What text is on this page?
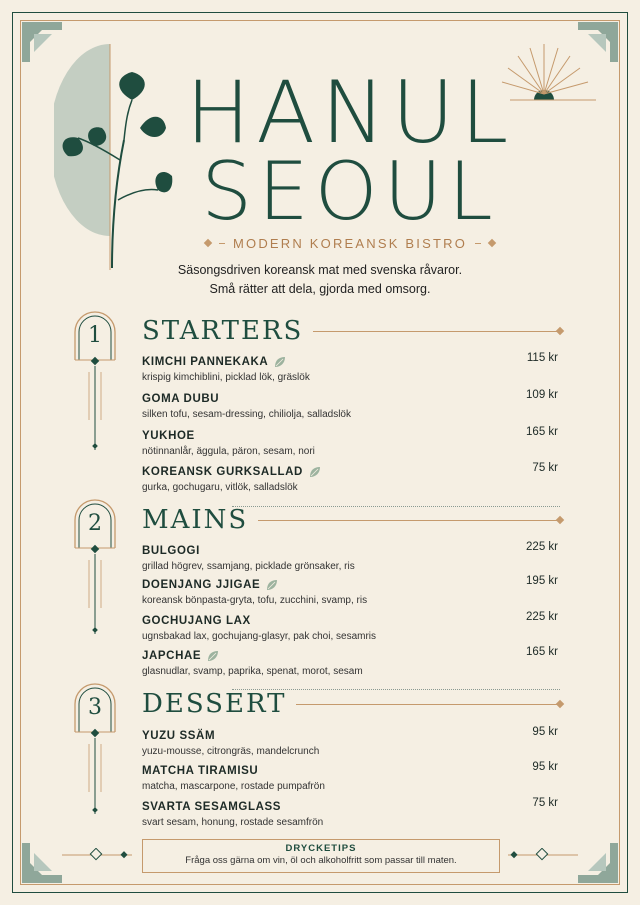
HANUL
SEOUL
MODERN KOREANSK BISTRO
Säsongsdriven koreansk mat med svenska råvaror.
Små rätter att dela, gjorda med omsorg.
1	STARTERS
KIMCHI PANNEKAKA
krispig kimchiblini, picklad lök, gräslök
115 kr
GOMA DUBU
silken tofu, sesam-dressing, chiliolja, salladslök
109 kr
YUKHOE
nötinnanlår, äggula, päron, sesam, nori
165 kr
KOREANSK GURKSALLAD
gurka, gochugaru, vitlök, salladslök
75 kr
2	MAINS
BULGOGI
grillad högrev, ssamjang, picklade grönsaker, ris
225 kr
DOENJANG JJIGAE
koreansk bönpasta-gryta, tofu, zucchini, svamp, ris
195 kr
GOCHUJANG LAX
ugnsbakad lax, gochujang-glasyr, pak choi, sesamris
225 kr
JAPCHAE
glasnudlar, svamp, paprika, spenat, morot, sesam
165 kr
3	DESSERT
YUZU SSÄM
yuzu-mousse, citrongräs, mandelcrunch
95 kr
MATCHA TIRAMISU
matcha, mascarpone, rostade pumpafrön
95 kr
SVARTA SESAMGLASS
svart sesam, honung, rostade sesamfrön
75 kr
DRYCKETIPS
Fråga oss gärna om vin, öl och alkoholfritt som passar till maten.
